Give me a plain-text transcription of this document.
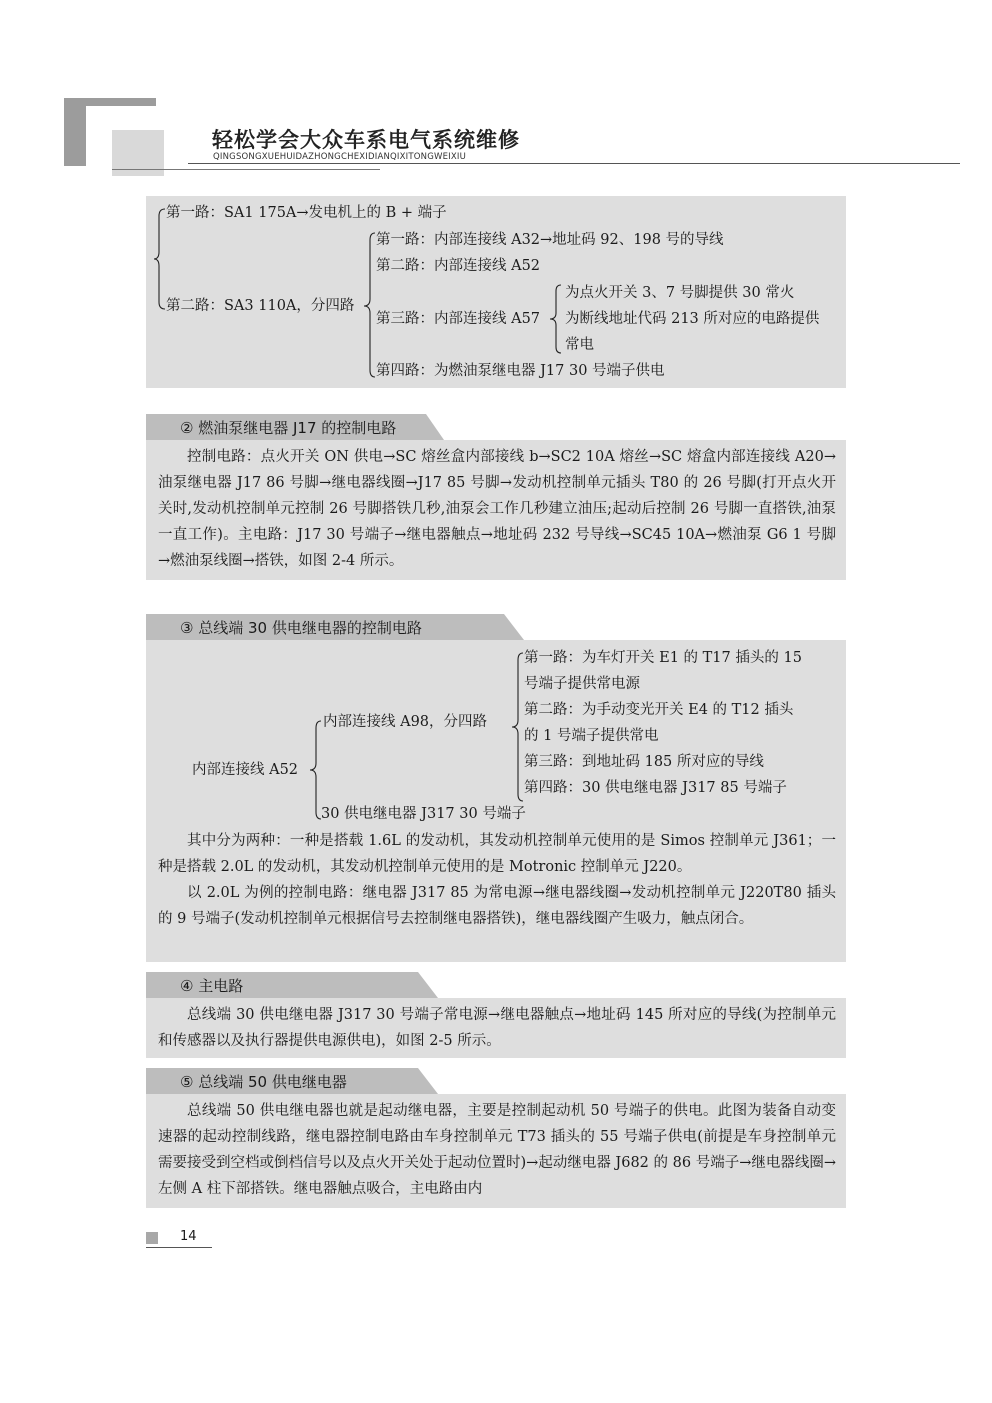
轻松学会大众车系电气系统维修
QINGSONGXUEHUIDAZHONGCHEXIDIANQIXITONGWEIXIU
第一路：SA1 175A→发电机上的 B + 端子
第二路：SA3 110A，分四路
第一路：内部连接线 A32→地址码 92、198 号的导线
第二路：内部连接线 A52
第三路：内部连接线 A57
为点火开关 3、7 号脚提供 30 常火
为断线地址代码 213 所对应的电路提供
常电
第四路：为燃油泵继电器 J17 30 号端子供电
② 燃油泵继电器 J17 的控制电路
控制电路：点火开关 ON 供电→SC 熔丝盒内部接线 b→SC2 10A 熔丝→SC 熔盒内部连接线 A20→油泵继电器 J17 86 号脚→继电器线圈→J17 85 号脚→发动机控制单元插头 T80 的 26 号脚(打开点火开关时,发动机控制单元控制 26 号脚搭铁几秒,油泵会工作几秒建立油压;起动后控制 26 号脚一直搭铁,油泵一直工作)。主电路：J17 30 号端子→继电器触点→地址码 232 号导线→SC45 10A→燃油泵 G6 1 号脚→燃油泵线圈→搭铁，如图 2-4 所示。
③ 总线端 30 供电继电器的控制电路
内部连接线 A52
内部连接线 A98，分四路
30 供电继电器 J317 30 号端子
第一路：为车灯开关 E1 的 T17 插头的 15
号端子提供常电源
第二路：为手动变光开关 E4 的 T12 插头
的 1 号端子提供常电
第三路：到地址码 185 所对应的导线
第四路：30 供电继电器 J317 85 号端子
其中分为两种：一种是搭载 1.6L 的发动机，其发动机控制单元使用的是 Simos 控制单元 J361；一种是搭载 2.0L 的发动机，其发动机控制单元使用的是 Motronic 控制单元 J220。
以 2.0L 为例的控制电路：继电器 J317 85 为常电源→继电器线圈→发动机控制单元 J220T80 插头的 9 号端子(发动机控制单元根据信号去控制继电器搭铁)，继电器线圈产生吸力，触点闭合。
④ 主电路
总线端 30 供电继电器 J317 30 号端子常电源→继电器触点→地址码 145 所对应的导线(为控制单元和传感器以及执行器提供电源供电)，如图 2-5 所示。
⑤ 总线端 50 供电继电器
总线端 50 供电继电器也就是起动继电器，主要是控制起动机 50 号端子的供电。此图为装备自动变速器的起动控制线路，继电器控制电路由车身控制单元 T73 插头的 55 号端子供电(前提是车身控制单元需要接受到空档或倒档信号以及点火开关处于起动位置时)→起动继电器 J682 的 86 号端子→继电器线圈→左侧 A 柱下部搭铁。继电器触点吸合，主电路由内
14
